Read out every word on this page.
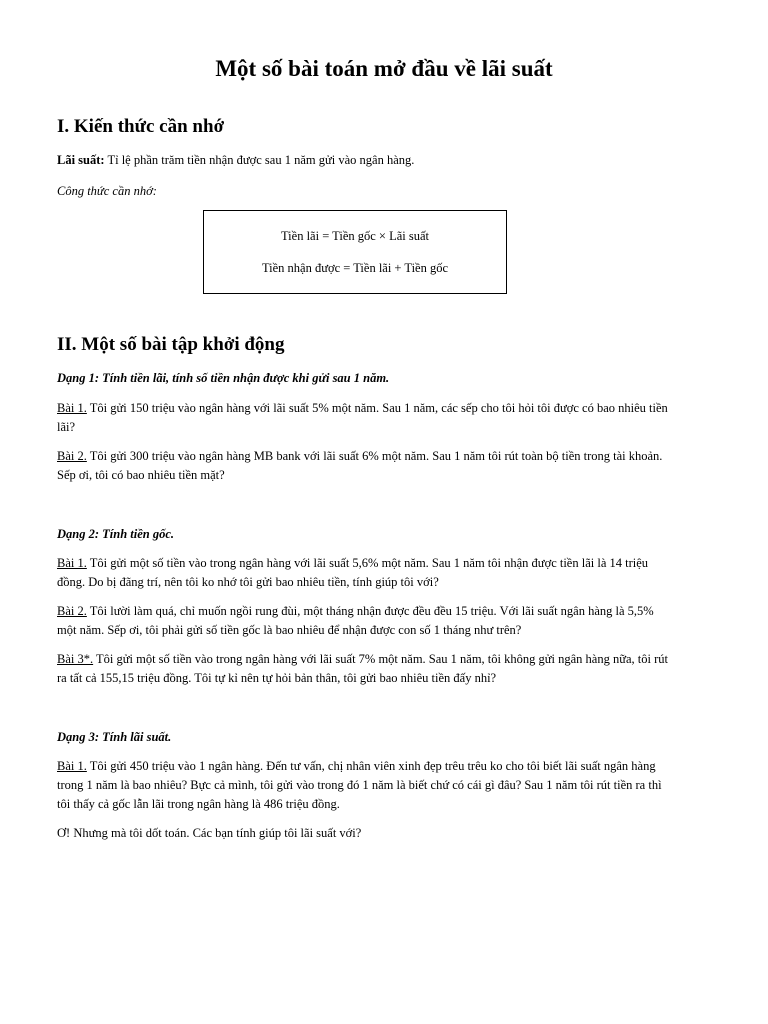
Một số bài toán mở đầu về lãi suất
I. Kiến thức cần nhớ

Lãi suất: Tỉ lệ phần trăm tiền nhận được sau 1 năm gửi vào ngân hàng.

Công thức cần nhớ:

Tiền lãi = Tiền gốc × Lãi suất

Tiền nhận được = Tiền lãi + Tiền gốc

II. Một số bài tập khởi động

Dạng 1: Tính tiền lãi, tính số tiền nhận được khi gửi sau 1 năm.

Bài 1. Tôi gửi 150 triệu vào ngân hàng với lãi suất 5% một năm. Sau 1 năm, các sếp cho tôi hỏi tôi được có bao nhiêu tiền
lãi?

Bài 2. Tôi gửi 300 triệu vào ngân hàng MB bank với lãi suất 6% một năm. Sau 1 năm tôi rút toàn bộ tiền trong tài khoản.
Sếp ơi, tôi có bao nhiêu tiền mặt?

Dạng 2: Tính tiền gốc.

Bài 1. Tôi gửi một số tiền vào trong ngân hàng với lãi suất 5,6% một năm. Sau 1 năm tôi nhận được tiền lãi là 14 triệu
đồng. Do bị đãng trí, nên tôi ko nhớ tôi gửi bao nhiêu tiền, tính giúp tôi với?

Bài 2. Tôi lười làm quá, chỉ muốn ngồi rung đùi, một tháng nhận được đều đều 15 triệu. Với lãi suất ngân hàng là 5,5%
một năm. Sếp ơi, tôi phải gửi số tiền gốc là bao nhiêu để nhận được con số 1 tháng như trên?

Bài 3*. Tôi gửi một số tiền vào trong ngân hàng với lãi suất 7% một năm. Sau 1 năm, tôi không gửi ngân hàng nữa, tôi rút
ra tất cả 155,15 triệu đồng. Tôi tự kỉ nên tự hỏi bản thân, tôi gửi bao nhiêu tiền đấy nhỉ?

Dạng 3: Tính lãi suất.

Bài 1. Tôi gửi 450 triệu vào 1 ngân hàng. Đến tư vấn, chị nhân viên xinh đẹp trêu trêu ko cho tôi biết lãi suất ngân hàng
trong 1 năm là bao nhiêu? Bực cả mình, tôi gửi vào trong đó 1 năm là biết chứ có cái gì đâu? Sau 1 năm tôi rút tiền ra thì
tôi thấy cả gốc lẫn lãi trong ngân hàng là 486 triệu đồng.

Ơ! Nhưng mà tôi dốt toán. Các bạn tính giúp tôi lãi suất với?
